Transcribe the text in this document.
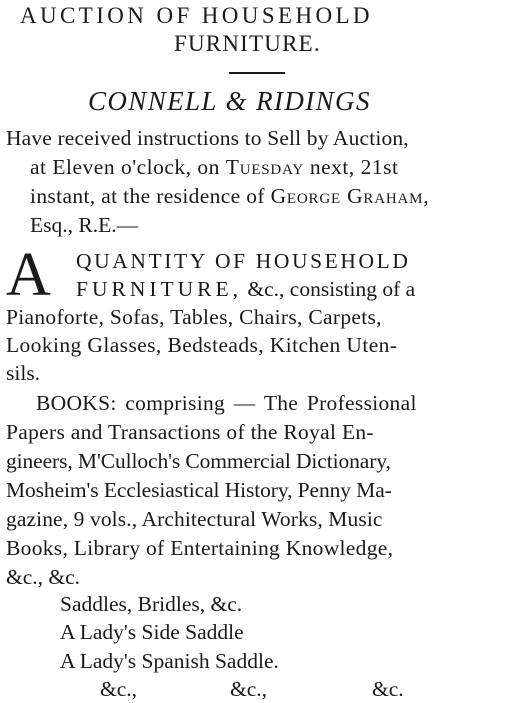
AUCTION OF HOUSEHOLD
FURNITURE.
CONNELL & RIDINGS
Have received instructions to Sell by Auction,
at Eleven o'clock, on Tuesday next, 21st
instant, at the residence of George Graham,
Esq., R.E.—
A QUANTITY OF HOUSEHOLD
FURNITURE, &c., consisting of a
Pianoforte, Sofas, Tables, Chairs, Carpets,
Looking Glasses, Bedsteads, Kitchen Uten-
sils.
BOOKS: comprising — The Professional
Papers and Transactions of the Royal En-
gineers, M'Culloch's Commercial Dictionary,
Mosheim's Ecclesiastical History, Penny Ma-
gazine, 9 vols., Architectural Works, Music
Books, Library of Entertaining Knowledge,
&c., &c.
Saddles, Bridles, &c.
A Lady's Side Saddle
A Lady's Spanish Saddle.
&c.,	&c.,	&c.
